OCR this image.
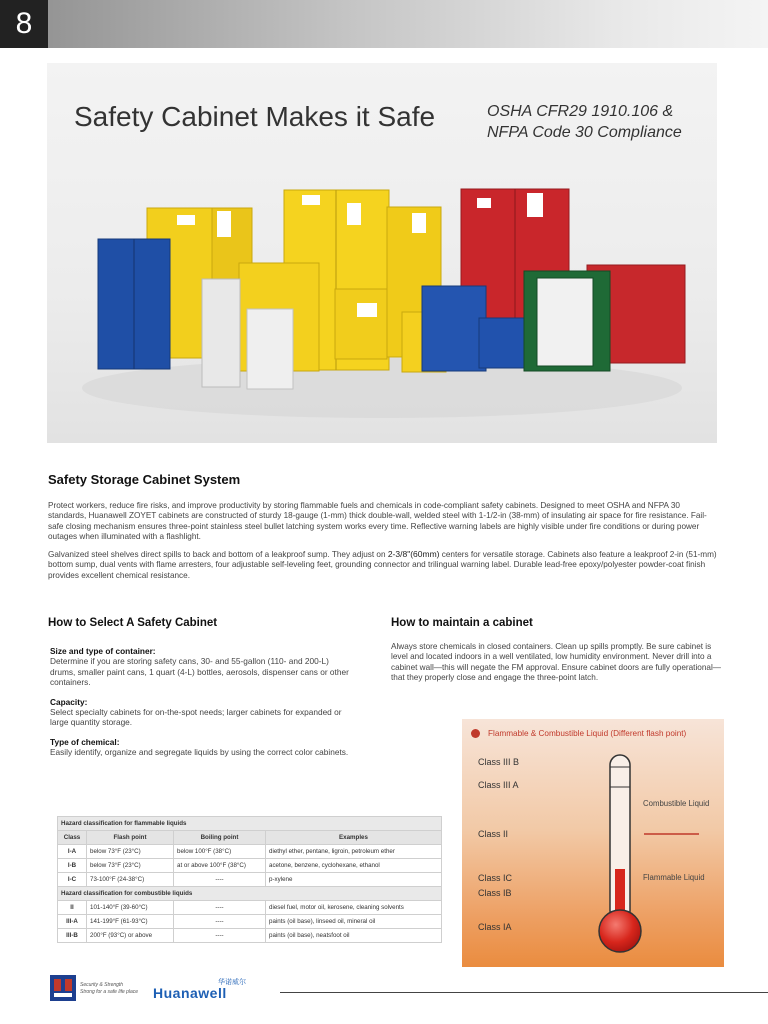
8
Safety Cabinet Makes it Safe	OSHA CFR29 1910.106 &
NFPA Code 30 Compliance
Safety Storage Cabinet System

Protect workers, reduce fire risks, and improve productivity by storing flammable fuels and chemicals in code-compliant safety cabinets. Designed to meet OSHA and NFPA 30 standards, Huanawell ZOYET cabinets are constructed of sturdy 18-gauge (1-mm) thick double-wall, welded steel with 1-1/2-in (38-mm) of insulating air space for fire resistance. Fail-safe closing mechanism ensures three-point stainless steel bullet latching system works every time. Reflective warning labels are highly visible under fire conditions or during power outages when illuminated with a flashlight.

Galvanized steel shelves direct spills to back and bottom of a leakproof sump. They adjust on 2-3/8"(60mm) centers for versatile storage. Cabinets also feature a leakproof 2-in (51-mm) bottom sump, dual vents with flame arresters, four adjustable self-leveling feet, grounding connector and trilingual warning label. Durable lead-free epoxy/polyester powder-coat finish provides excellent chemical resistance.

How to Select A Safety Cabinet
Size and type of container:
Determine if you are storing safety cans, 30- and 55-gallon (110- and 200-L) drums, smaller paint cans, 1 quart (4-L) bottles, aerosols, dispenser cans or other containers.
Capacity:
Select specialty cabinets for on-the-spot needs; larger cabinets for expanded or large quantity storage.
Type of chemical:
Easily identify, organize and segregate liquids by using the correct color cabinets.
How to maintain a cabinet
Always store chemicals in closed containers. Clean up spills promptly. Be sure cabinet is level and located indoors in a well ventilated, low humidity environment. Never drill into a cabinet wall—this will negate the FM approval. Ensure cabinet doors are fully operational—that they properly close and engage the three-point latch.
Hazard classification for flammable liquids			
Class	Flash point	Boiling point	Examples
I-A	below 73°F (23°C)	below 100°F (38°C)	diethyl ether, pentane, ligroin, petroleum ether
I-B	below 73°F (23°C)	at or above 100°F (38°C)	acetone, benzene, cyclohexane, ethanol
I-C	73-100°F (24-38°C)	----	p-xylene
Hazard classification for combustible liquids			
II	101-140°F (39-60°C)	----	diesel fuel, motor oil, kerosene, cleaning solvents
III-A	141-199°F (61-93°C)	----	paints (oil base), linseed oil, mineral oil
III-B	200°F (93°C) or above	----	paints (oil base), neatsfoot oil
Flammable & Combustible Liquid (Different flash point)
Class III B
Class III A
Class II
Class IC
Class IB
Class IA
Combustible Liquid
Flammable Liquid
Security & Strength
Strong for a safe life place Huanawell
华诺威尔
